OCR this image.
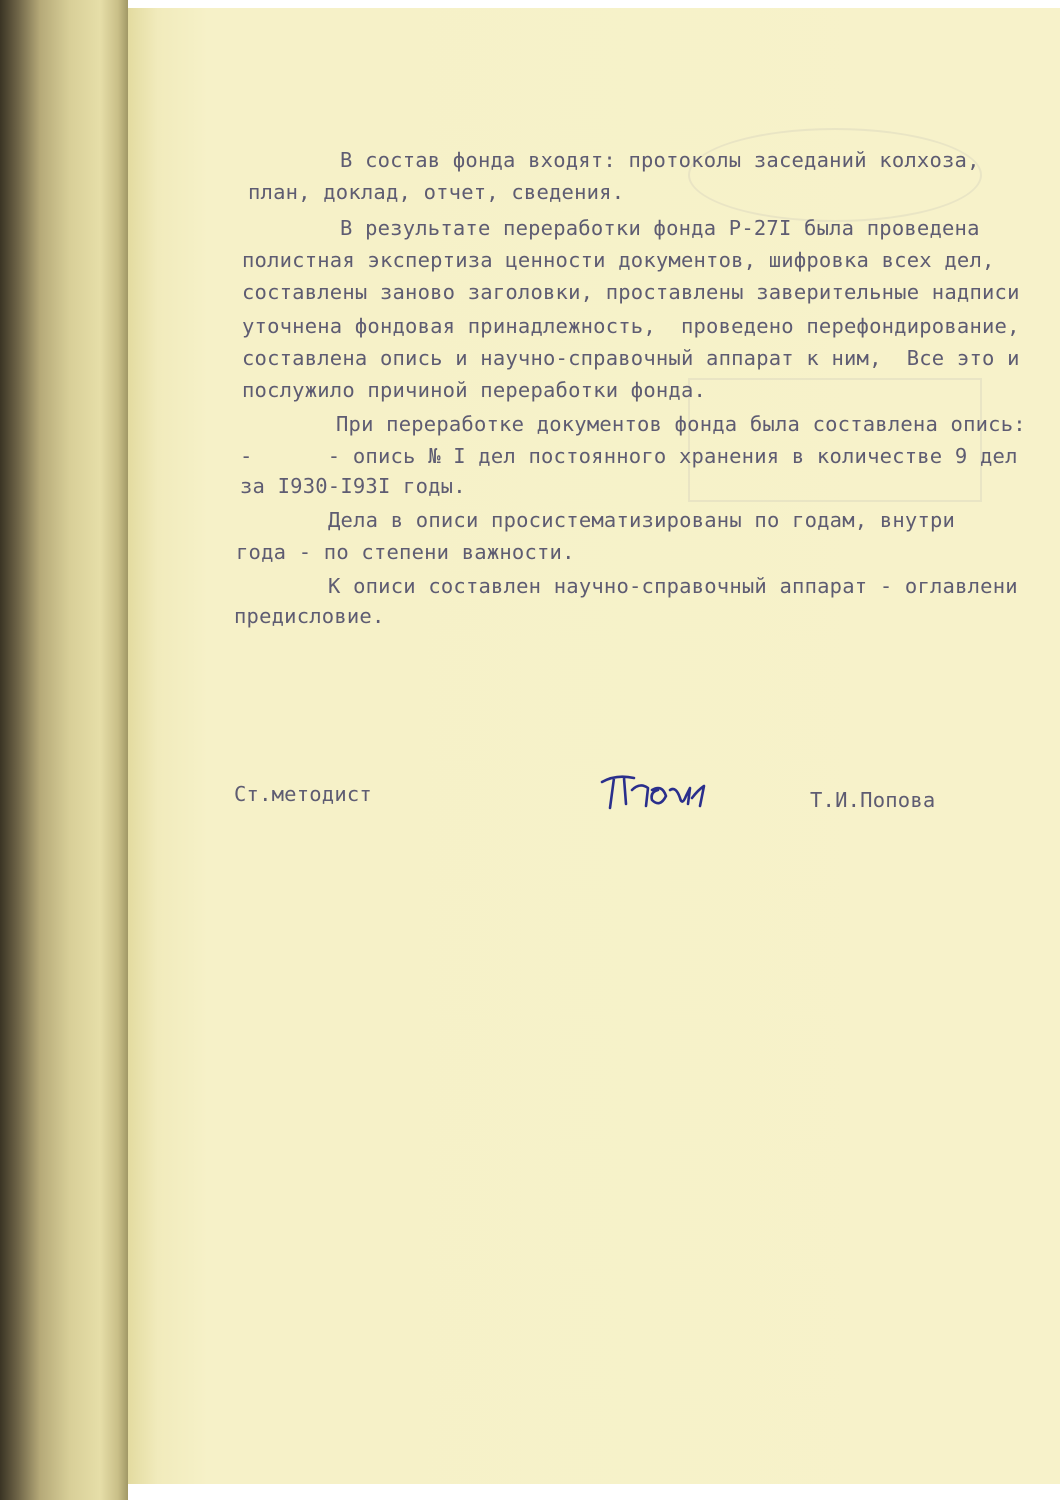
В состав фонда входят: протоколы заседаний колхоза,
план, доклад, отчет, сведения.
В результате переработки фонда Р-27I была проведена
полистная экспертиза ценности документов, шифровка всех дел,
составлены заново заголовки, проставлены заверительные надписи
уточнена фондовая принадлежность,  проведено перефондирование,
составлена опись и научно-справочный аппарат к ним,  Все это и
послужило причиной переработки фонда.
При переработке документов фонда была составлена опись:
-      - опись № I дел постоянного хранения в количестве 9 дел
за I930-I93I годы.
Дела в описи просистематизированы по годам, внутри
года - по степени важности.
К описи составлен научно-справочный аппарат - оглавлени
предисловие.
Ст.методист	Т.И.Попова
